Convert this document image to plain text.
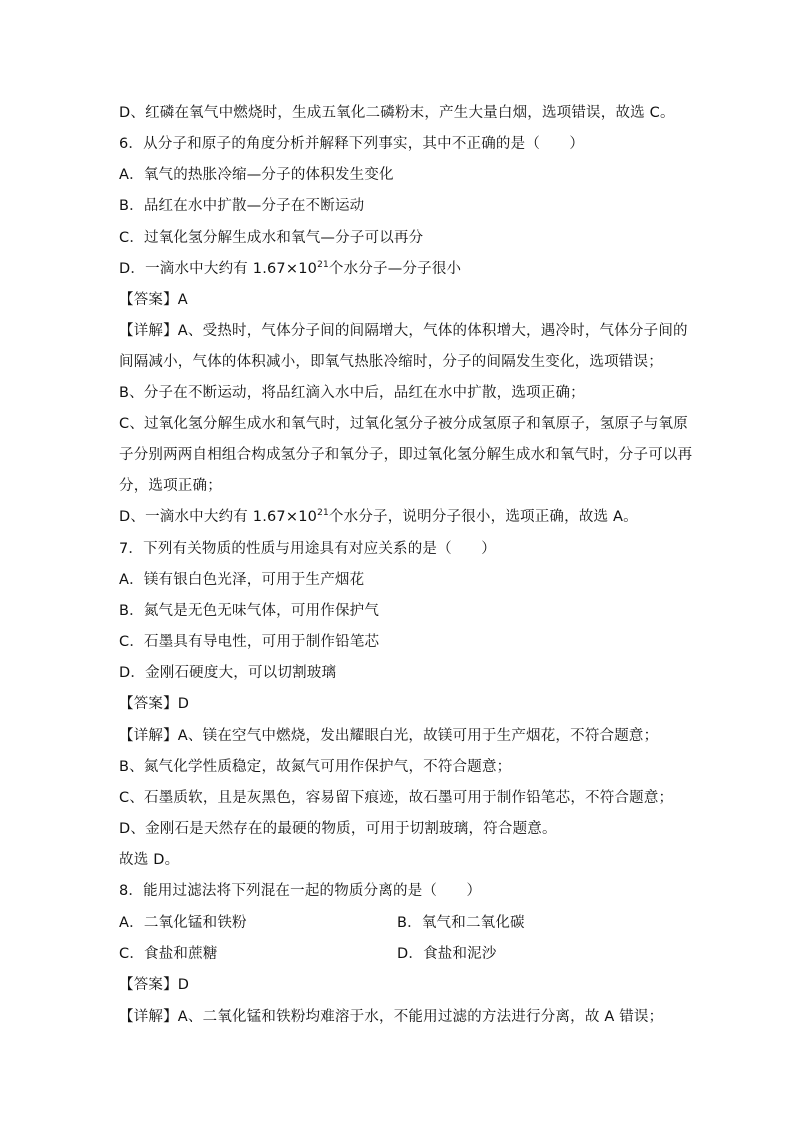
D、红磷在氧气中燃烧时，生成五氧化二磷粉末，产生大量白烟，选项错误，故选 C。
6．从分子和原子的角度分析并解释下列事实，其中不正确的是（　　）
A．氧气的热胀冷缩—分子的体积发生变化
B．品红在水中扩散—分子在不断运动
C．过氧化氢分解生成水和氧气—分子可以再分
D．一滴水中大约有 $1.67\times 10^{21}$个水分子—分子很小
【答案】A
【详解】A、受热时，气体分子间的间隔增大，气体的体积增大，遇冷时，气体分子间的
间隔减小，气体的体积减小，即氧气热胀冷缩时，分子的间隔发生变化，选项错误；
B、分子在不断运动，将品红滴入水中后，品红在水中扩散，选项正确；
C、过氧化氢分解生成水和氧气时，过氧化氢分子被分成氢原子和氧原子，氢原子与氧原
子分别两两自相组合构成氢分子和氧分子，即过氧化氢分解生成水和氧气时，分子可以再
分，选项正确；
D、一滴水中大约有 $1.67\times 10^{21}$个水分子，说明分子很小，选项正确，故选 A。
7．下列有关物质的性质与用途具有对应关系的是（　　）
A．镁有银白色光泽，可用于生产烟花
B．氮气是无色无味气体，可用作保护气
C．石墨具有导电性，可用于制作铅笔芯
D．金刚石硬度大，可以切割玻璃
【答案】D
【详解】A、镁在空气中燃烧，发出耀眼白光，故镁可用于生产烟花，不符合题意；
B、氮气化学性质稳定，故氮气可用作保护气，不符合题意；
C、石墨质软，且是灰黑色，容易留下痕迹，故石墨可用于制作铅笔芯，不符合题意；
D、金刚石是天然存在的最硬的物质，可用于切割玻璃，符合题意。
故选 D。
8．能用过滤法将下列混在一起的物质分离的是（　　）
A．二氧化锰和铁粉	B．氧气和二氧化碳
C．食盐和蔗糖	D．食盐和泥沙
【答案】D
【详解】A、二氧化锰和铁粉均难溶于水，不能用过滤的方法进行分离，故 A 错误；
